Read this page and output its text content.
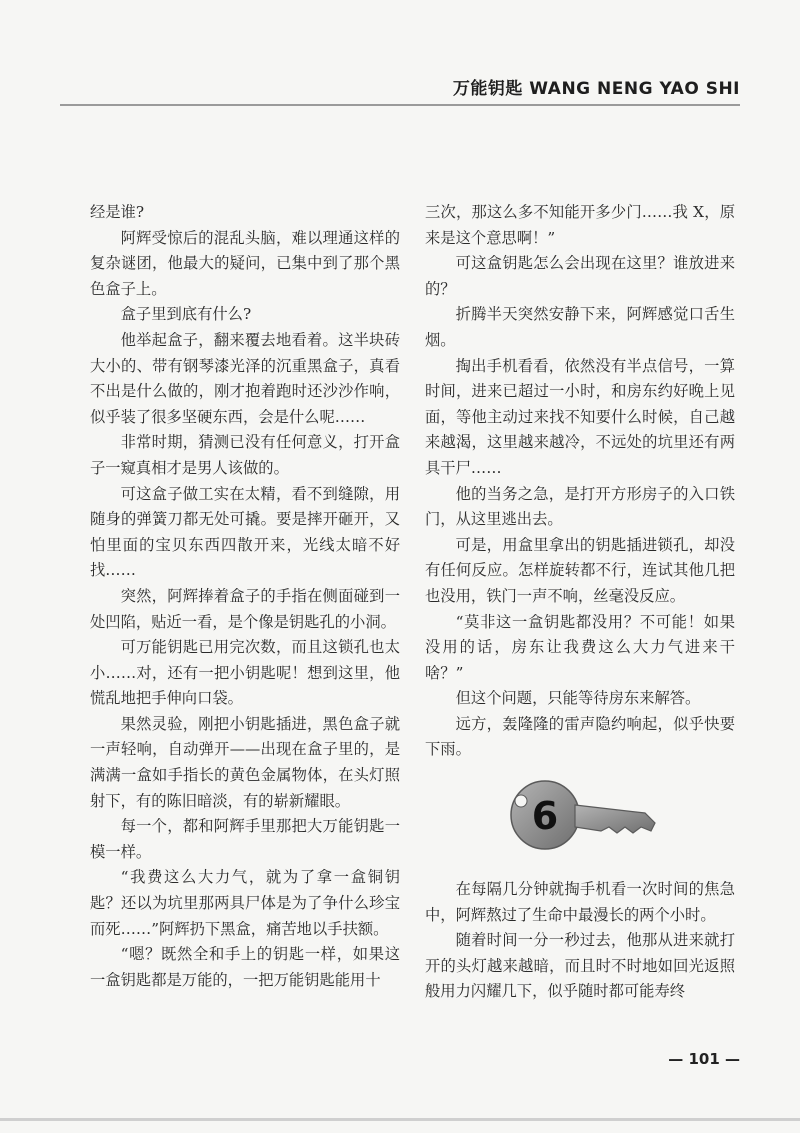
万能钥匙 WANG NENG YAO SHI

经是谁?

阿辉受惊后的混乱头脑，难以理通这样的复杂谜团，他最大的疑问，已集中到了那个黑色盒子上。

盒子里到底有什么?

他举起盒子，翻来覆去地看着。这半块砖大小的、带有钢琴漆光泽的沉重黑盒子，真看不出是什么做的，刚才抱着跑时还沙沙作响，似乎装了很多坚硬东西，会是什么呢……

非常时期，猜测已没有任何意义，打开盒子一窥真相才是男人该做的。

可这盒子做工实在太精，看不到缝隙，用随身的弹簧刀都无处可撬。要是摔开砸开，又怕里面的宝贝东西四散开来，光线太暗不好找……

突然，阿辉捧着盒子的手指在侧面碰到一处凹陷，贴近一看，是个像是钥匙孔的小洞。

可万能钥匙已用完次数，而且这锁孔也太小……对，还有一把小钥匙呢！想到这里，他慌乱地把手伸向口袋。

果然灵验，刚把小钥匙插进，黑色盒子就一声轻响，自动弹开——出现在盒子里的，是满满一盒如手指长的黄色金属物体，在头灯照射下，有的陈旧暗淡，有的崭新耀眼。

每一个，都和阿辉手里那把大万能钥匙一模一样。

“我费这么大力气，就为了拿一盒铜钥匙？还以为坑里那两具尸体是为了争什么珍宝而死……”阿辉扔下黑盒，痛苦地以手扶额。

“嗯？既然全和手上的钥匙一样，如果这一盒钥匙都是万能的，一把万能钥匙能用十

三次，那这么多不知能开多少门……我 X，原来是这个意思啊！”

可这盒钥匙怎么会出现在这里？谁放进来的？

折腾半天突然安静下来，阿辉感觉口舌生烟。

掏出手机看看，依然没有半点信号，一算时间，进来已超过一小时，和房东约好晚上见面，等他主动过来找不知要什么时候，自己越来越渴，这里越来越冷，不远处的坑里还有两具干尸……

他的当务之急，是打开方形房子的入口铁门，从这里逃出去。

可是，用盒里拿出的钥匙插进锁孔，却没有任何反应。怎样旋转都不行，连试其他几把也没用，铁门一声不响，丝毫没反应。

“莫非这一盒钥匙都没用？不可能！如果没用的话，房东让我费这么大力气进来干啥？”

但这个问题，只能等待房东来解答。

远方，轰隆隆的雷声隐约响起，似乎快要下雨。

6

在每隔几分钟就掏手机看一次时间的焦急中，阿辉熬过了生命中最漫长的两个小时。

随着时间一分一秒过去，他那从进来就打开的头灯越来越暗，而且时不时地如回光返照般用力闪耀几下，似乎随时都可能寿终

— 101 —
